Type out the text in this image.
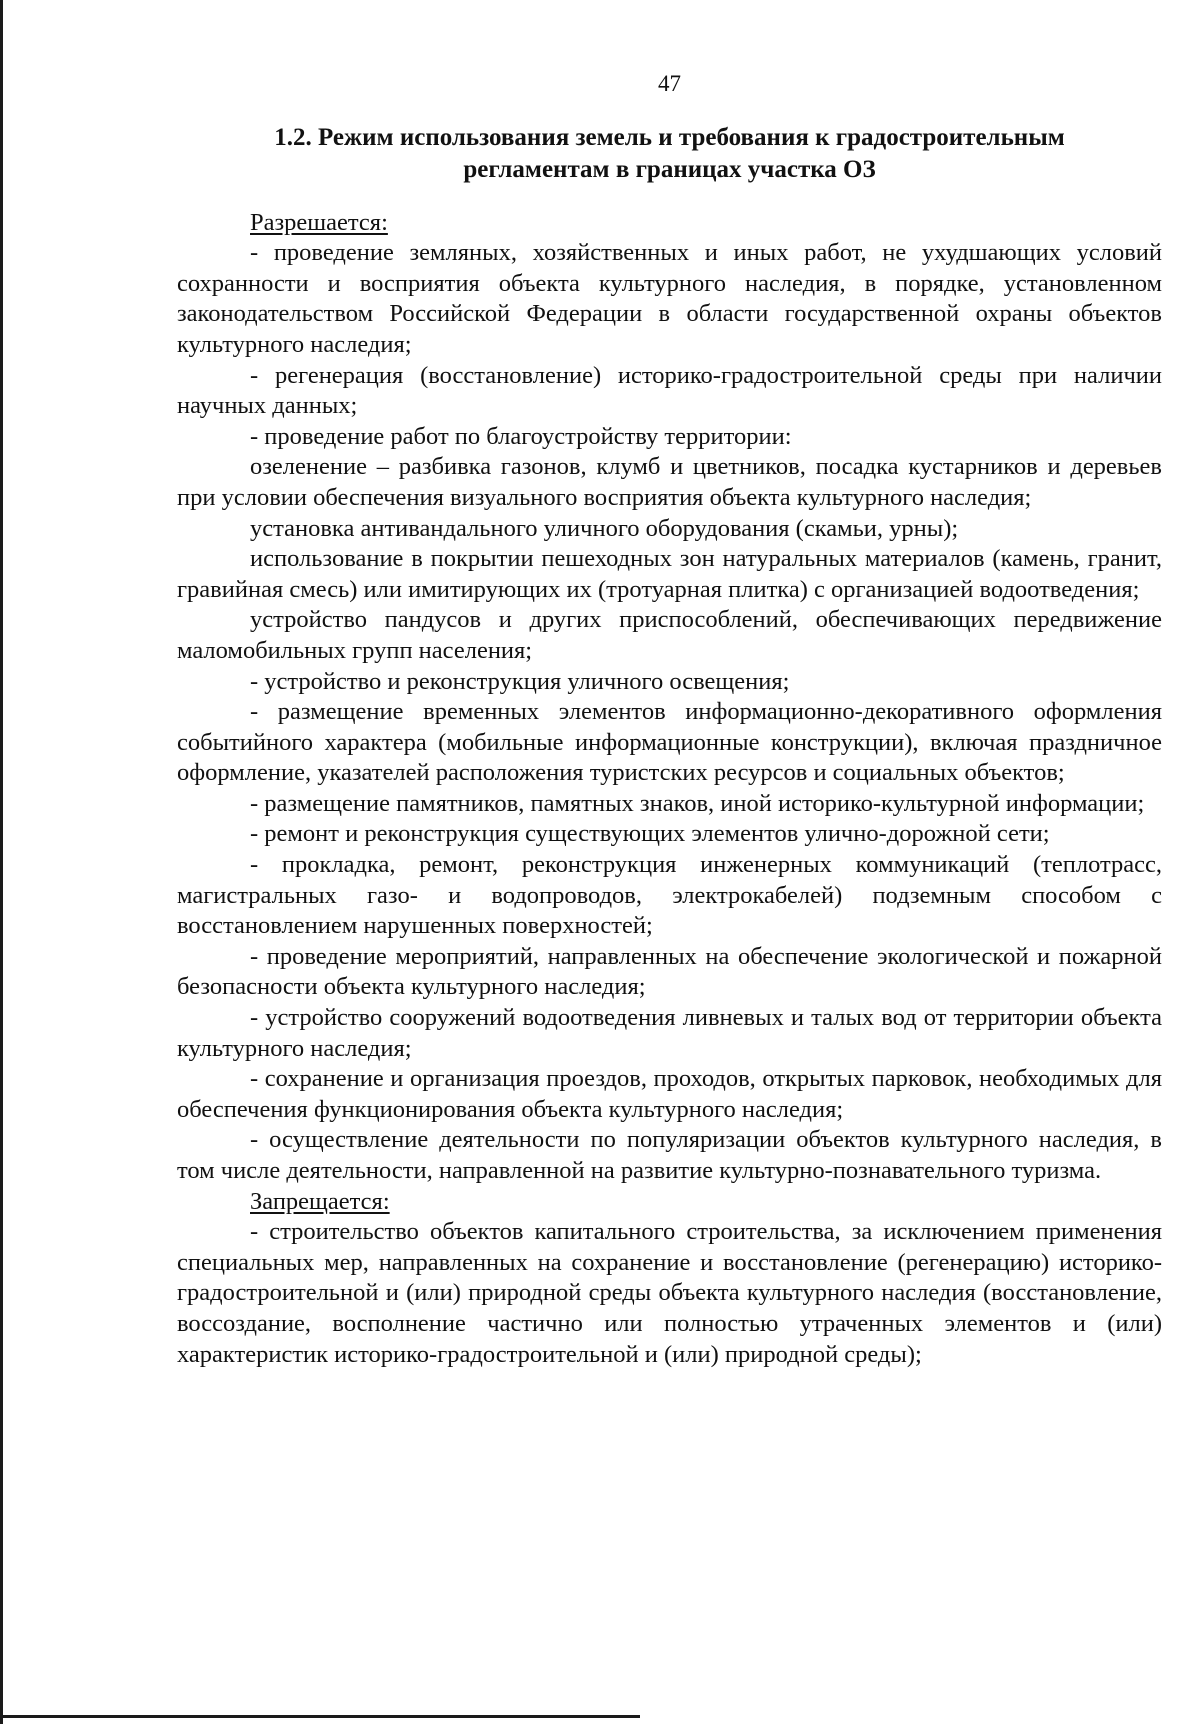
47
1.2. Режим использования земель и требования к градостроительным
регламентам в границах участка ОЗ

Разрешается:

- проведение земляных, хозяйственных и иных работ, не ухудшающих условий сохранности и восприятия объекта культурного наследия, в порядке, установленном законодательством Российской Федерации в области государственной охраны объектов культурного наследия;

- регенерация (восстановление) историко-градостроительной среды при наличии научных данных;

- проведение работ по благоустройству территории:

озеленение – разбивка газонов, клумб и цветников, посадка кустарников и деревьев при условии обеспечения визуального восприятия объекта культурного наследия;

установка антивандального уличного оборудования (скамьи, урны);

использование в покрытии пешеходных зон натуральных материалов (камень, гранит, гравийная смесь) или имитирующих их (тротуарная плитка) с организацией водоотведения;

устройство пандусов и других приспособлений, обеспечивающих передвижение маломобильных групп населения;

- устройство и реконструкция уличного освещения;

- размещение временных элементов информационно-декоративного оформления событийного характера (мобильные информационные конструкции), включая праздничное оформление, указателей расположения туристских ресурсов и социальных объектов;

- размещение памятников, памятных знаков, иной историко-культурной информации;

- ремонт и реконструкция существующих элементов улично-дорожной сети;

- прокладка, ремонт, реконструкция инженерных коммуникаций (теплотрасс, магистральных газо- и водопроводов, электрокабелей) подземным способом с восстановлением нарушенных поверхностей;

- проведение мероприятий, направленных на обеспечение экологической и пожарной безопасности объекта культурного наследия;

- устройство сооружений водоотведения ливневых и талых вод от территории объекта культурного наследия;

- сохранение и организация проездов, проходов, открытых парковок, необходимых для обеспечения функционирования объекта культурного наследия;

- осуществление деятельности по популяризации объектов культурного наследия, в том числе деятельности, направленной на развитие культурно-познавательного туризма.

Запрещается:

- строительство объектов капитального строительства, за исключением применения специальных мер, направленных на сохранение и восстановление (регенерацию) историко-градостроительной и (или) природной среды объекта культурного наследия (восстановление, воссоздание, восполнение частично или полностью утраченных элементов и (или) характеристик историко-градостроительной и (или) природной среды);
